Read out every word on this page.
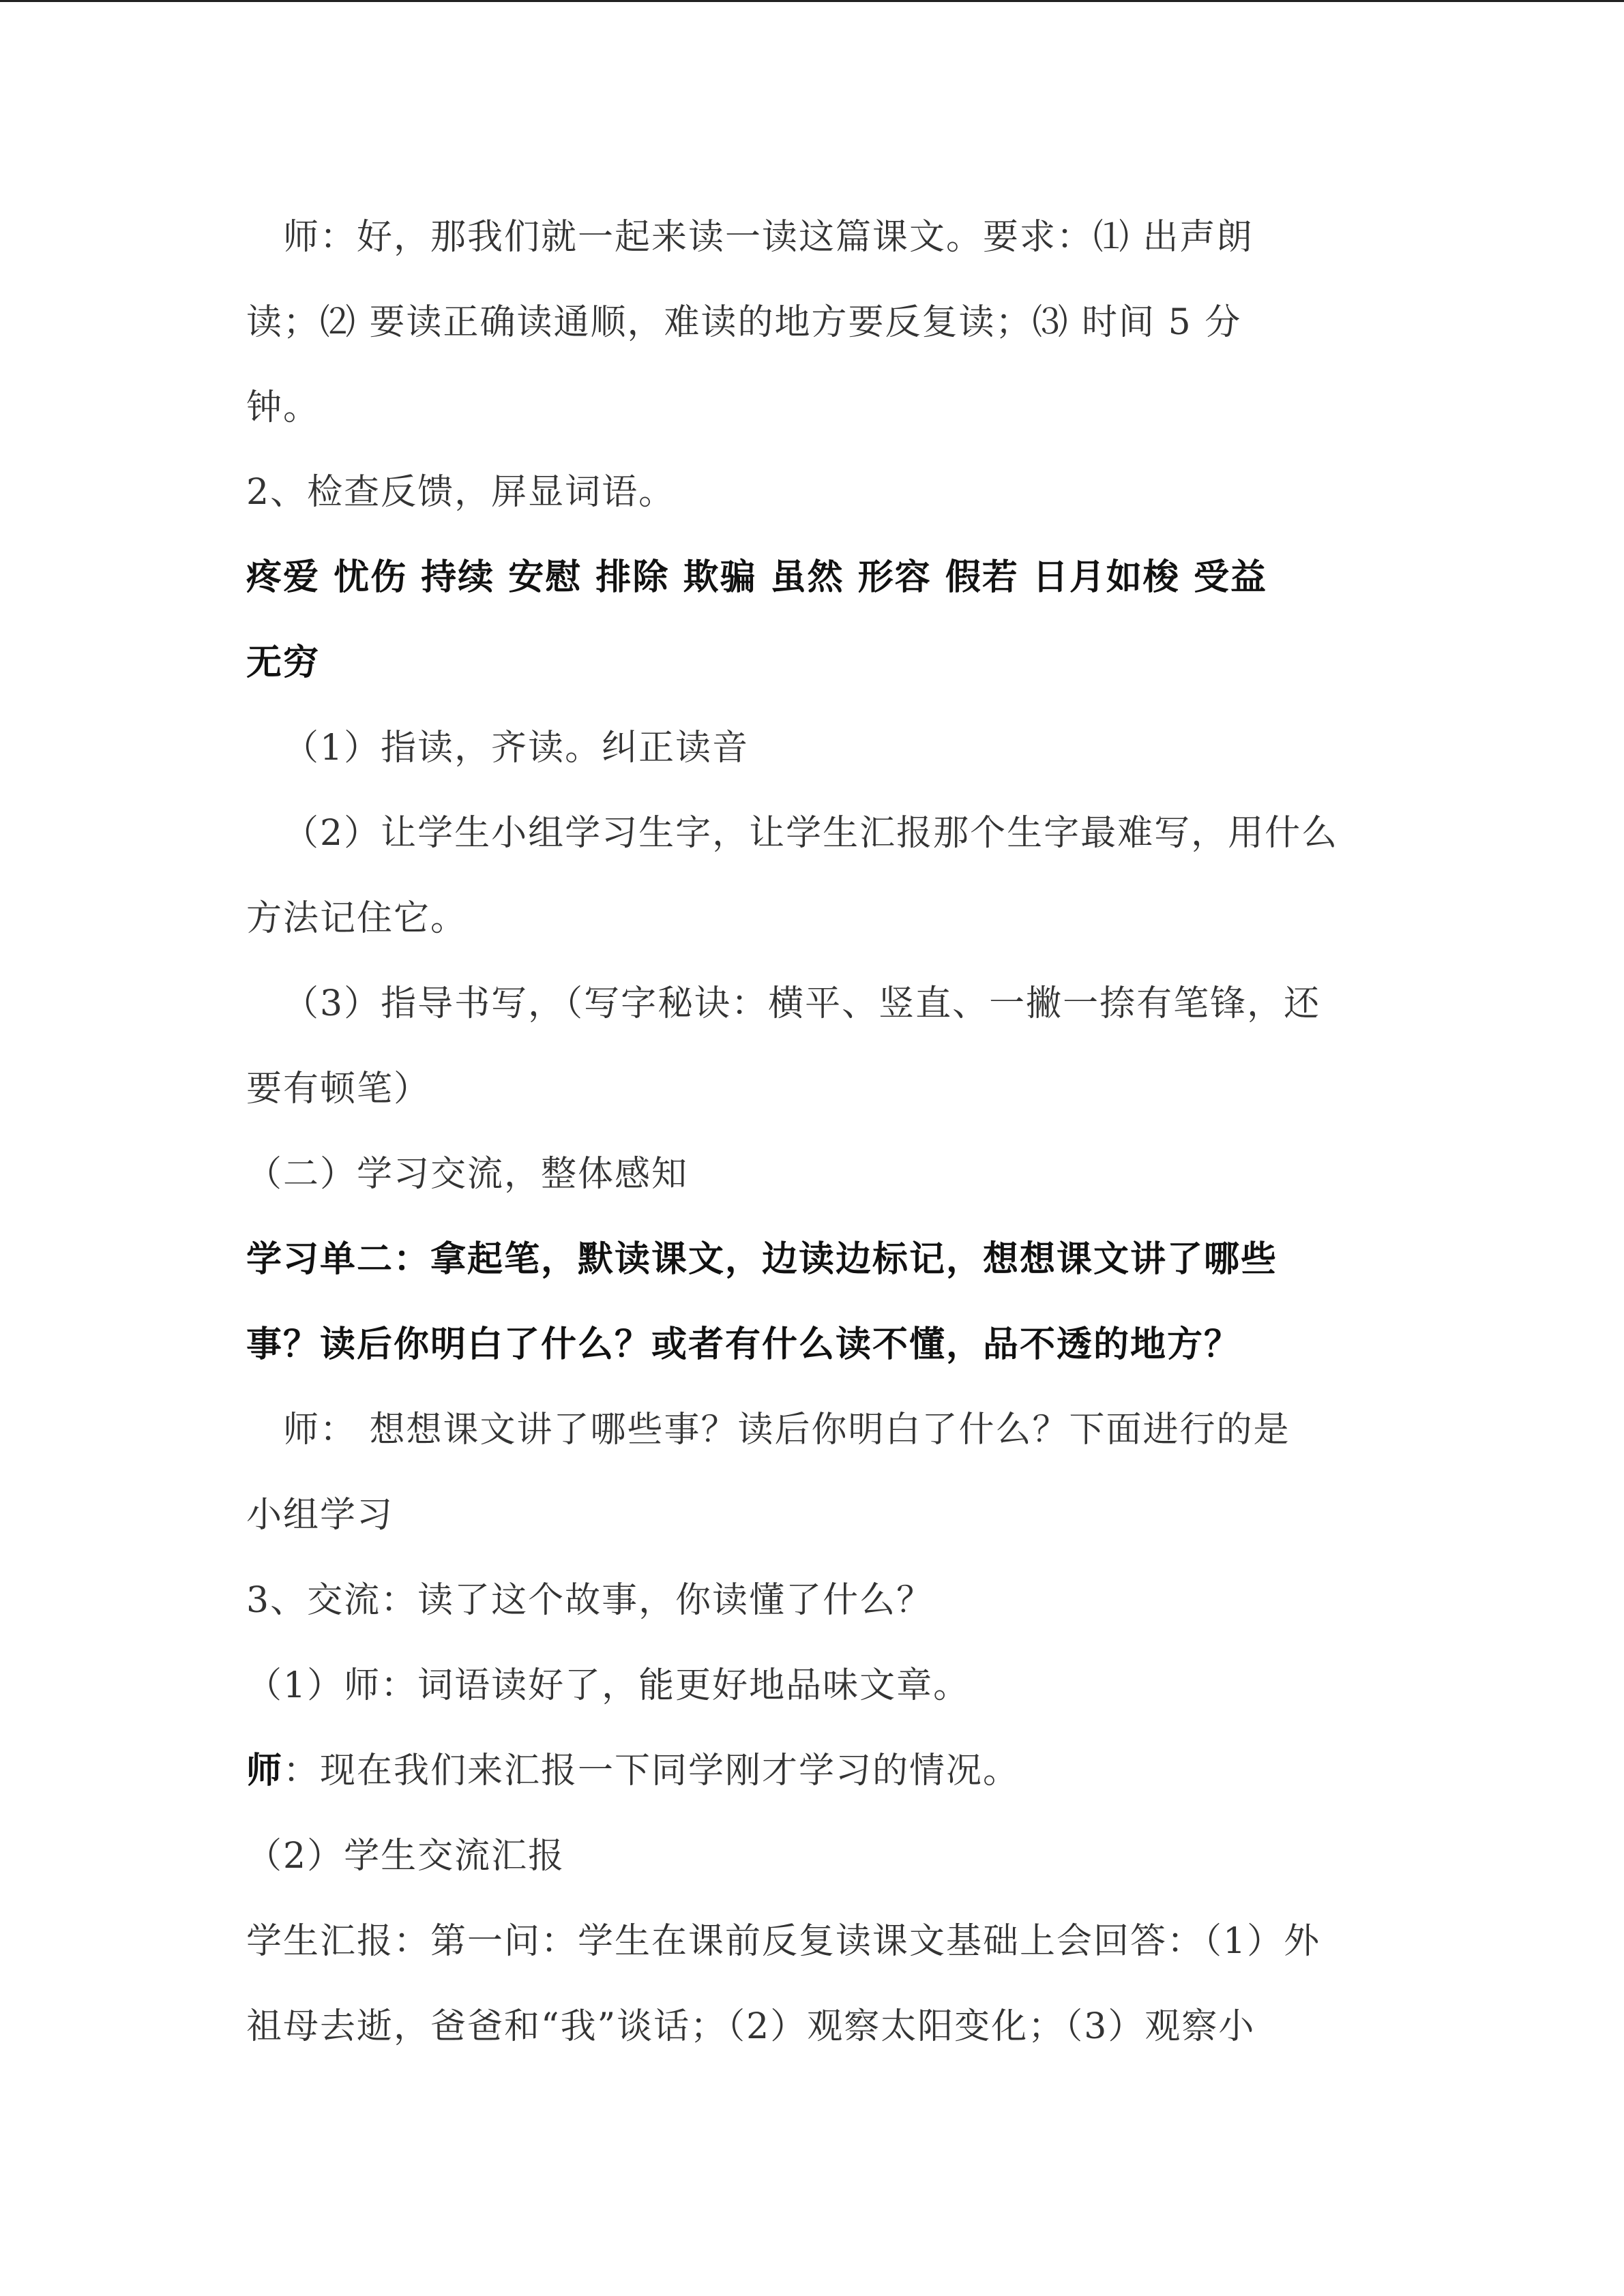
师：好，那我们就一起来读一读这篇课文。要求：⑴ 出声朗
读；⑵ 要读正确读通顺，难读的地方要反复读；⑶ 时间 5 分
钟。
2、检查反馈，屏显词语。
疼爱 忧伤 持续 安慰 排除 欺骗 虽然 形容 假若 日月如梭 受益
无穷
（1）指读，齐读。纠正读音
（2）让学生小组学习生字，让学生汇报那个生字最难写，用什么
方法记住它。
（3）指导书写，（写字秘诀：横平、竖直、一撇一捺有笔锋，还
要有顿笔）
（二）学习交流，整体感知
学习单二：拿起笔，默读课文，边读边标记，想想课文讲了哪些
事？读后你明白了什么？或者有什么读不懂，品不透的地方？
师： 想想课文讲了哪些事？读后你明白了什么？下面进行的是
小组学习
3、交流：读了这个故事，你读懂了什么？
（1）师：词语读好了，能更好地品味文章。
师：现在我们来汇报一下同学刚才学习的情况。
（2）学生交流汇报
学生汇报：第一问：学生在课前反复读课文基础上会回答：（1）外
祖母去逝，爸爸和“我”谈话；（2）观察太阳变化；（3）观察小
